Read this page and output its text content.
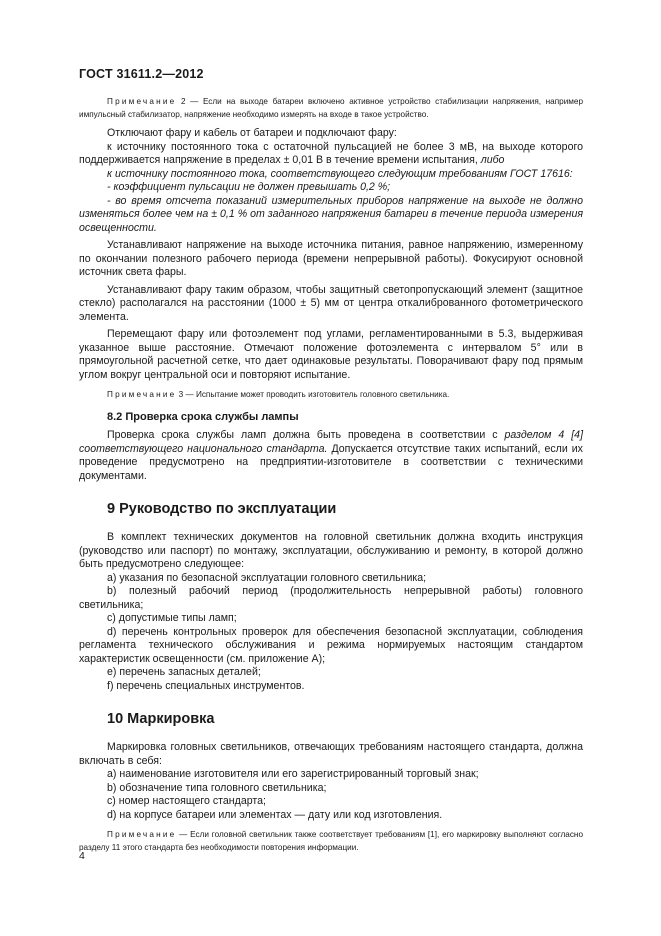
ГОСТ 31611.2—2012

Примечание 2 — Если на выходе батареи включено активное устройство стабилизации напряжения, например импульсный стабилизатор, напряжение необходимо измерять на входе в такое устройство.

Отключают фару и кабель от батареи и подключают фару:

к источнику постоянного тока с остаточной пульсацией не более 3 мВ, на выходе которого поддерживается напряжение в пределах ± 0,01 В в течение времени испытания, либо

к источнику постоянного тока, соответствующего следующим требованиям ГОСТ 17616:

- коэффициент пульсации не должен превышать 0,2 %;

- во время отсчета показаний измерительных приборов напряжение на выходе не должно изменяться более чем на ± 0,1 % от заданного напряжения батареи в течение периода измерения освещенности.

Устанавливают напряжение на выходе источника питания, равное напряжению, измеренному по окончании полезного рабочего периода (времени непрерывной работы). Фокусируют основной источник света фары.

Устанавливают фару таким образом, чтобы защитный светопропускающий элемент (защитное стекло) располагался на расстоянии (1000 ± 5) мм от центра откалиброванного фотометрического элемента.

Перемещают фару или фотоэлемент под углами, регламентированными в 5.3, выдерживая указанное выше расстояние. Отмечают положение фотоэлемента с интервалом 5° или в прямоугольной расчетной сетке, что дает одинаковые результаты. Поворачивают фару под прямым углом вокруг центральной оси и повторяют испытание.

Примечание 3 — Испытание может проводить изготовитель головного светильника.

8.2 Проверка срока службы лампы

Проверка срока службы ламп должна быть проведена в соответствии с разделом 4 [4] соответствующего национального стандарта. Допускается отсутствие таких испытаний, если их проведение предусмотрено на предприятии-изготовителе в соответствии с техническими документами.

9 Руководство по эксплуатации

В комплект технических документов на головной светильник должна входить инструкция (руководство или паспорт) по монтажу, эксплуатации, обслуживанию и ремонту, в которой должно быть предусмотрено следующее:

a) указания по безопасной эксплуатации головного светильника;

b) полезный рабочий период (продолжительность непрерывной работы) головного светильника;

c) допустимые типы ламп;

d) перечень контрольных проверок для обеспечения безопасной эксплуатации, соблюдения регламента технического обслуживания и режима нормируемых настоящим стандартом характеристик освещенности (см. приложение А);

e) перечень запасных деталей;

f) перечень специальных инструментов.

10 Маркировка

Маркировка головных светильников, отвечающих требованиям настоящего стандарта, должна включать в себя:

a) наименование изготовителя или его зарегистрированный торговый знак;

b) обозначение типа головного светильника;

c) номер настоящего стандарта;

d) на корпусе батареи или элементах — дату или код изготовления.

Примечание — Если головной светильник также соответствует требованиям [1], его маркировку выполняют согласно разделу 11 этого стандарта без необходимости повторения информации.

4
